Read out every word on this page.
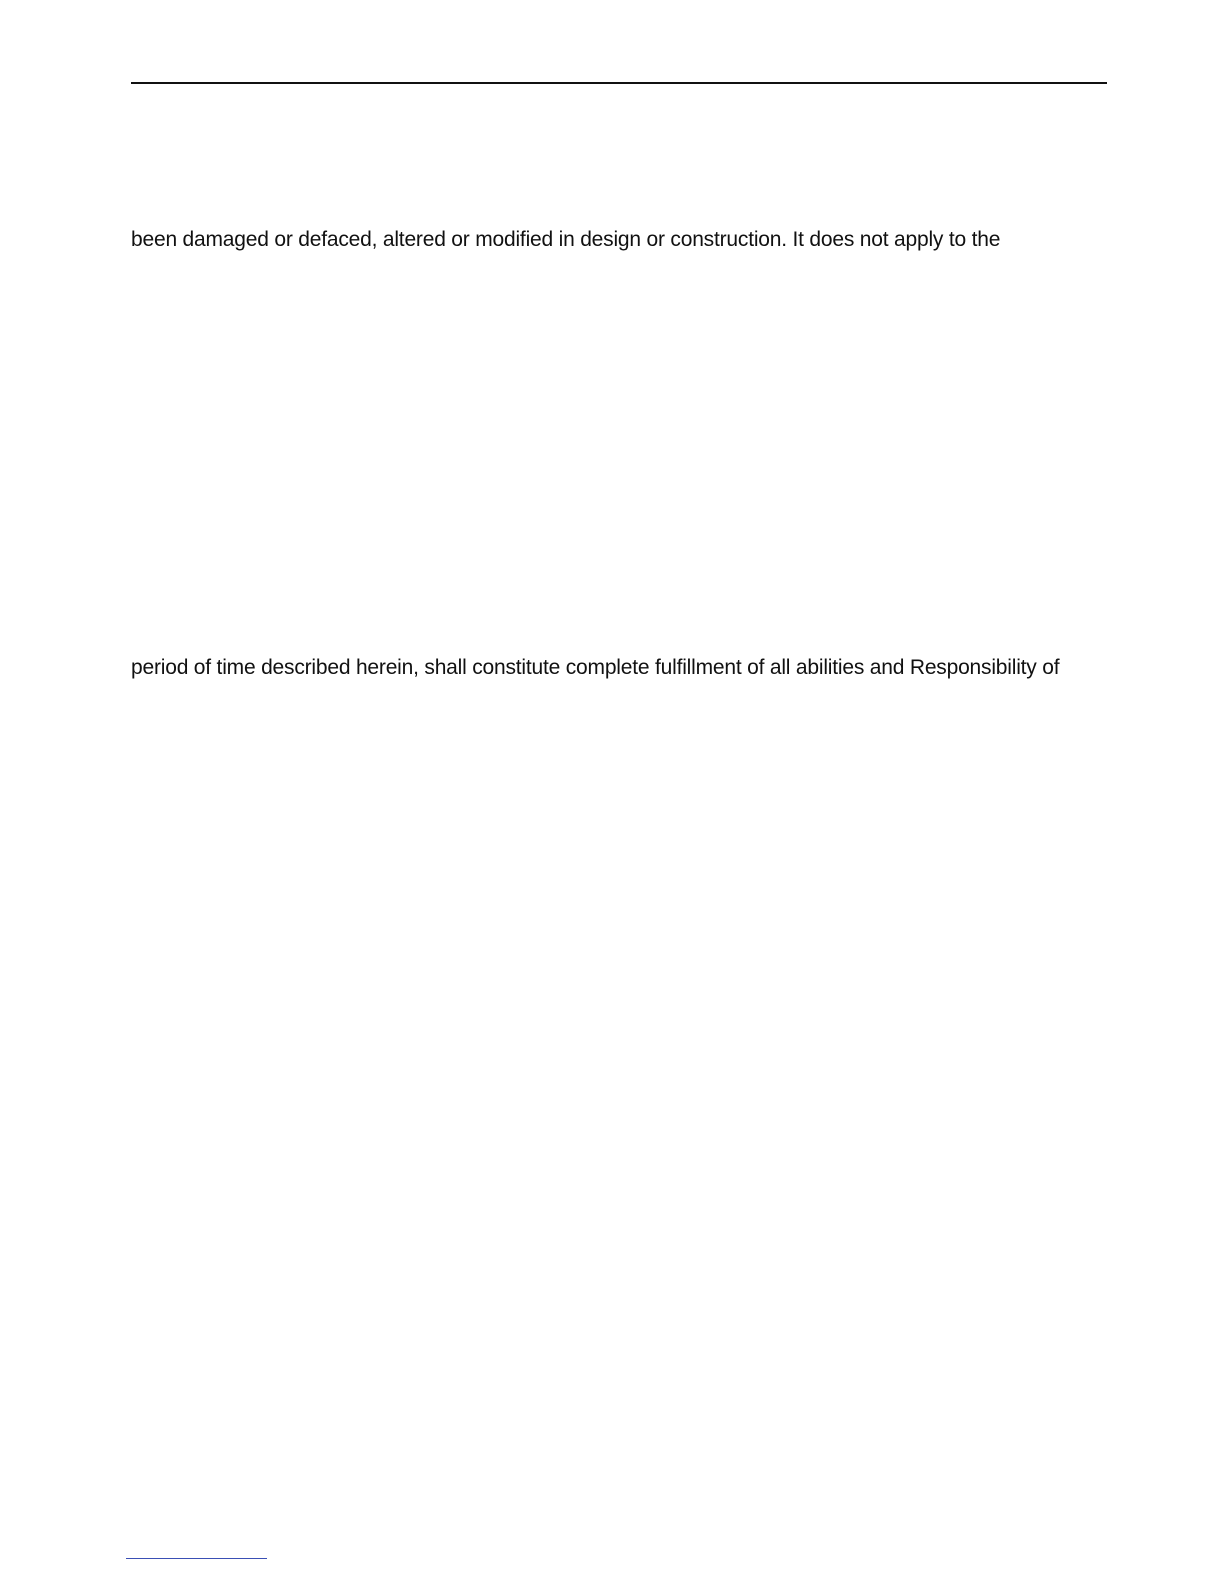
been damaged or defaced, altered or modified in design or construction. It does not apply to the
period of time described herein, shall constitute complete fulfillment of all abilities and Responsibility of
